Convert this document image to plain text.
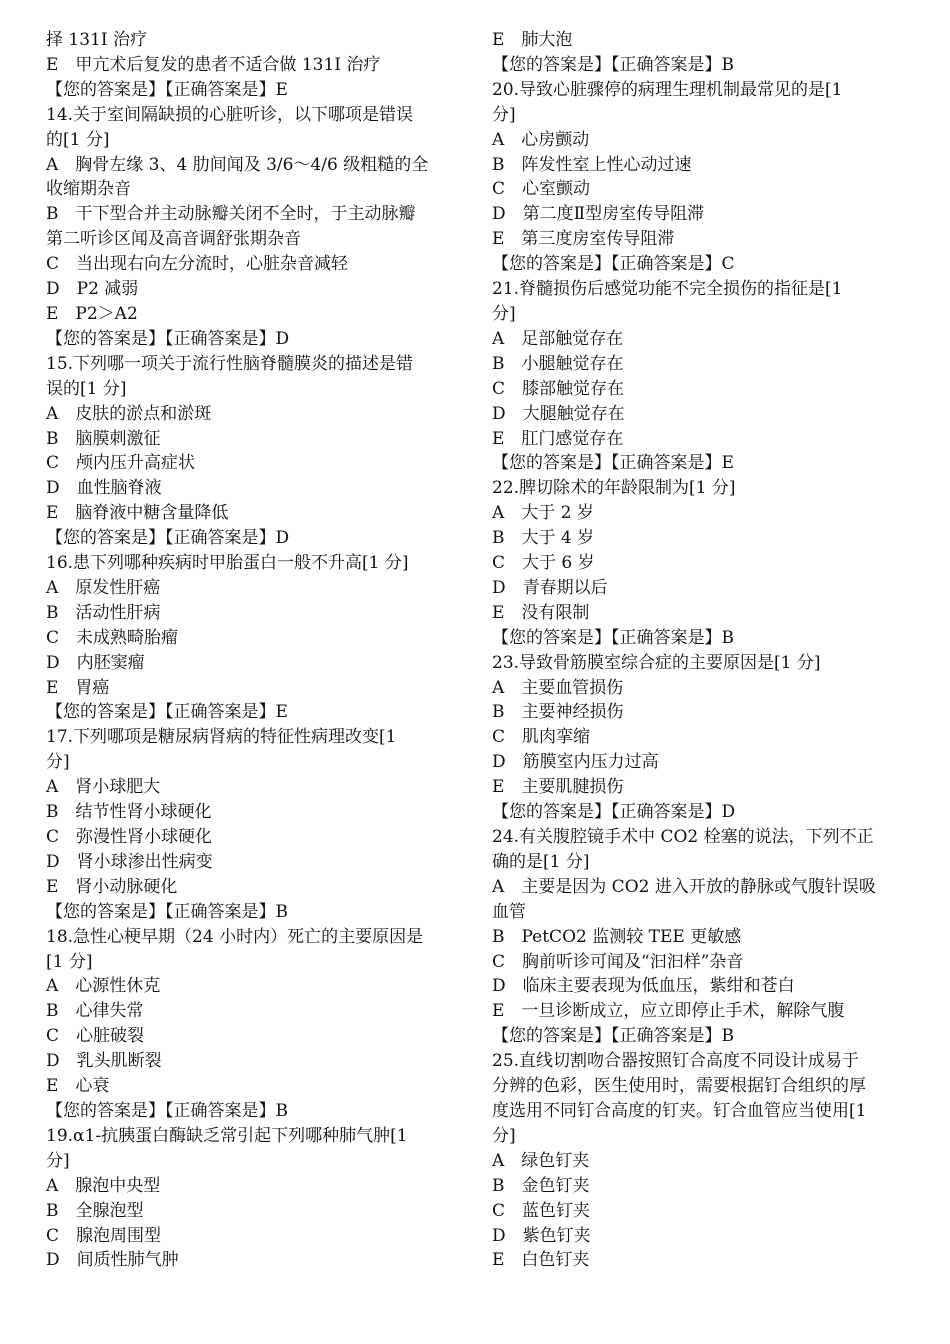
择 131I 治疗
E　甲亢术后复发的患者不适合做 131I 治疗
【您的答案是】【正确答案是】E
14.关于室间隔缺损的心脏听诊，以下哪项是错误
的[1 分]
A　胸骨左缘 3、4 肋间闻及 3/6～4/6 级粗糙的全
收缩期杂音
B　干下型合并主动脉瓣关闭不全时，于主动脉瓣
第二听诊区闻及高音调舒张期杂音
C　当出现右向左分流时，心脏杂音减轻
D　P2 减弱
E　P2＞A2
【您的答案是】【正确答案是】D
15.下列哪一项关于流行性脑脊髓膜炎的描述是错
误的[1 分]
A　皮肤的淤点和淤斑
B　脑膜刺激征
C　颅内压升高症状
D　血性脑脊液
E　脑脊液中糖含量降低
【您的答案是】【正确答案是】D
16.患下列哪种疾病时甲胎蛋白一般不升高[1 分]
A　原发性肝癌
B　活动性肝病
C　未成熟畸胎瘤
D　内胚窦瘤
E　胃癌
【您的答案是】【正确答案是】E
17.下列哪项是糖尿病肾病的特征性病理改变[1
分]
A　肾小球肥大
B　结节性肾小球硬化
C　弥漫性肾小球硬化
D　肾小球渗出性病变
E　肾小动脉硬化
【您的答案是】【正确答案是】B
18.急性心梗早期（24 小时内）死亡的主要原因是
[1 分]
A　心源性休克
B　心律失常
C　心脏破裂
D　乳头肌断裂
E　心衰
【您的答案是】【正确答案是】B
19.α1-抗胰蛋白酶缺乏常引起下列哪种肺气肿[1
分]
A　腺泡中央型
B　全腺泡型
C　腺泡周围型
D　间质性肺气肿
E　肺大泡
【您的答案是】【正确答案是】B
20.导致心脏骤停的病理生理机制最常见的是[1
分]
A　心房颤动
B　阵发性室上性心动过速
C　心室颤动
D　第二度Ⅱ型房室传导阻滞
E　第三度房室传导阻滞
【您的答案是】【正确答案是】C
21.脊髓损伤后感觉功能不完全损伤的指征是[1
分]
A　足部触觉存在
B　小腿触觉存在
C　膝部触觉存在
D　大腿触觉存在
E　肛门感觉存在
【您的答案是】【正确答案是】E
22.脾切除术的年龄限制为[1 分]
A　大于 2 岁
B　大于 4 岁
C　大于 6 岁
D　青春期以后
E　没有限制
【您的答案是】【正确答案是】B
23.导致骨筋膜室综合症的主要原因是[1 分]
A　主要血管损伤
B　主要神经损伤
C　肌肉挛缩
D　筋膜室内压力过高
E　主要肌腱损伤
【您的答案是】【正确答案是】D
24.有关腹腔镜手术中 CO2 栓塞的说法，下列不正
确的是[1 分]
A　主要是因为 CO2 进入开放的静脉或气腹针误吸
血管
B　PetCO2 监测较 TEE 更敏感
C　胸前听诊可闻及“汩汩样”杂音
D　临床主要表现为低血压，紫绀和苍白
E　一旦诊断成立，应立即停止手术，解除气腹
【您的答案是】【正确答案是】B
25.直线切割吻合器按照钉合高度不同设计成易于
分辨的色彩，医生使用时，需要根据钉合组织的厚
度选用不同钉合高度的钉夹。钉合血管应当使用[1
分]
A　绿色钉夹
B　金色钉夹
C　蓝色钉夹
D　紫色钉夹
E　白色钉夹
